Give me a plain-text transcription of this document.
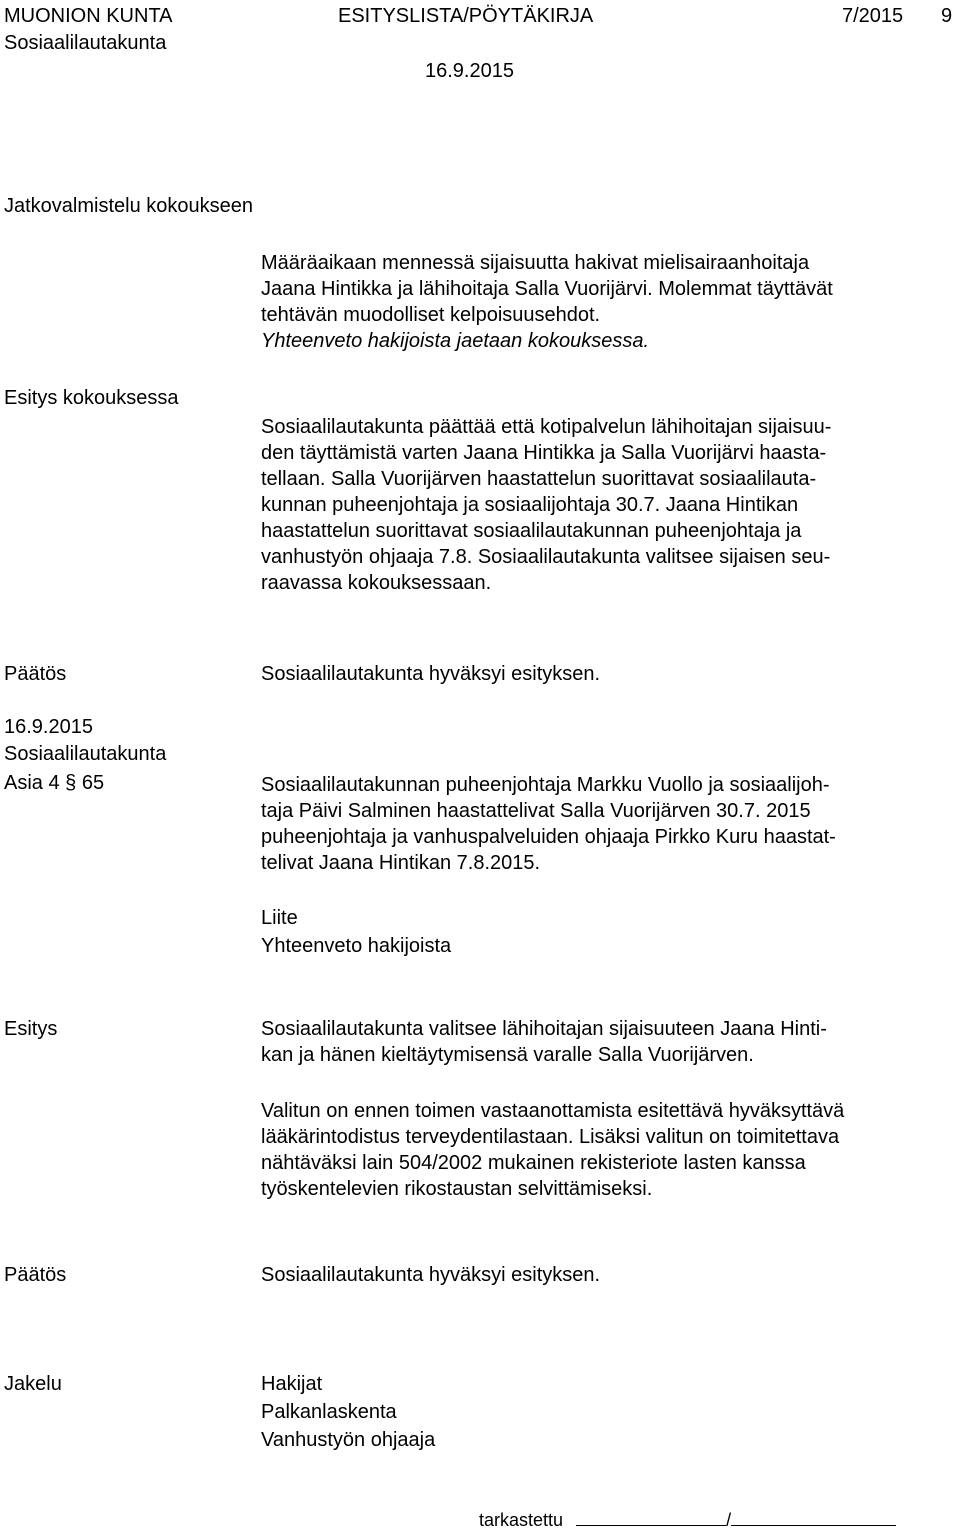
MUONION KUNTA	ESITYSLISTA/PÖYTÄKIRJA	7/2015 9
Sosiaalilautakunta
16.9.2015
Jatkovalmistelu kokoukseen

Määräaikaan mennessä sijaisuutta hakivat mielisairaanhoitaja

Jaana Hintikka ja lähihoitaja Salla Vuorijärvi. Molemmat täyttävät

tehtävän muodolliset kelpoisuusehdot.

Yhteenveto hakijoista jaetaan kokouksessa.

Esitys kokouksessa

Sosiaalilautakunta päättää että kotipalvelun lähihoitajan sijaisuu-

den täyttämistä varten Jaana Hintikka ja Salla Vuorijärvi haasta-

tellaan. Salla Vuorijärven haastattelun suorittavat sosiaalilauta-

kunnan puheenjohtaja ja sosiaalijohtaja 30.7. Jaana Hintikan

haastattelun suorittavat sosiaalilautakunnan puheenjohtaja ja

vanhustyön ohjaaja 7.8. Sosiaalilautakunta valitsee sijaisen seu-

raavassa kokouksessaan.

Päätös	Sosiaalilautakunta hyväksyi esityksen.
16.9.2015
Sosiaalilautakunta
Asia 4 § 65	Sosiaalilautakunnan puheenjohtaja Markku Vuollo ja sosiaalijoh-

taja Päivi Salminen haastattelivat Salla Vuorijärven 30.7. 2015

puheenjohtaja ja vanhuspalveluiden ohjaaja Pirkko Kuru haastat-

telivat Jaana Hintikan 7.8.2015.

Liite
Yhteenveto hakijoista
Esitys	Sosiaalilautakunta valitsee lähihoitajan sijaisuuteen Jaana Hinti-

kan ja hänen kieltäytymisensä varalle Salla Vuorijärven.

Valitun on ennen toimen vastaanottamista esitettävä hyväksyttävä

lääkärintodistus terveydentilastaan. Lisäksi valitun on toimitettava

nähtäväksi lain 504/2002 mukainen rekisteriote lasten kanssa

työskentelevien rikostaustan selvittämiseksi.

Päätös	Sosiaalilautakunta hyväksyi esityksen.
Jakelu	Hakijat
Palkanlaskenta
Vanhustyön ohjaaja
tarkastettu	/
